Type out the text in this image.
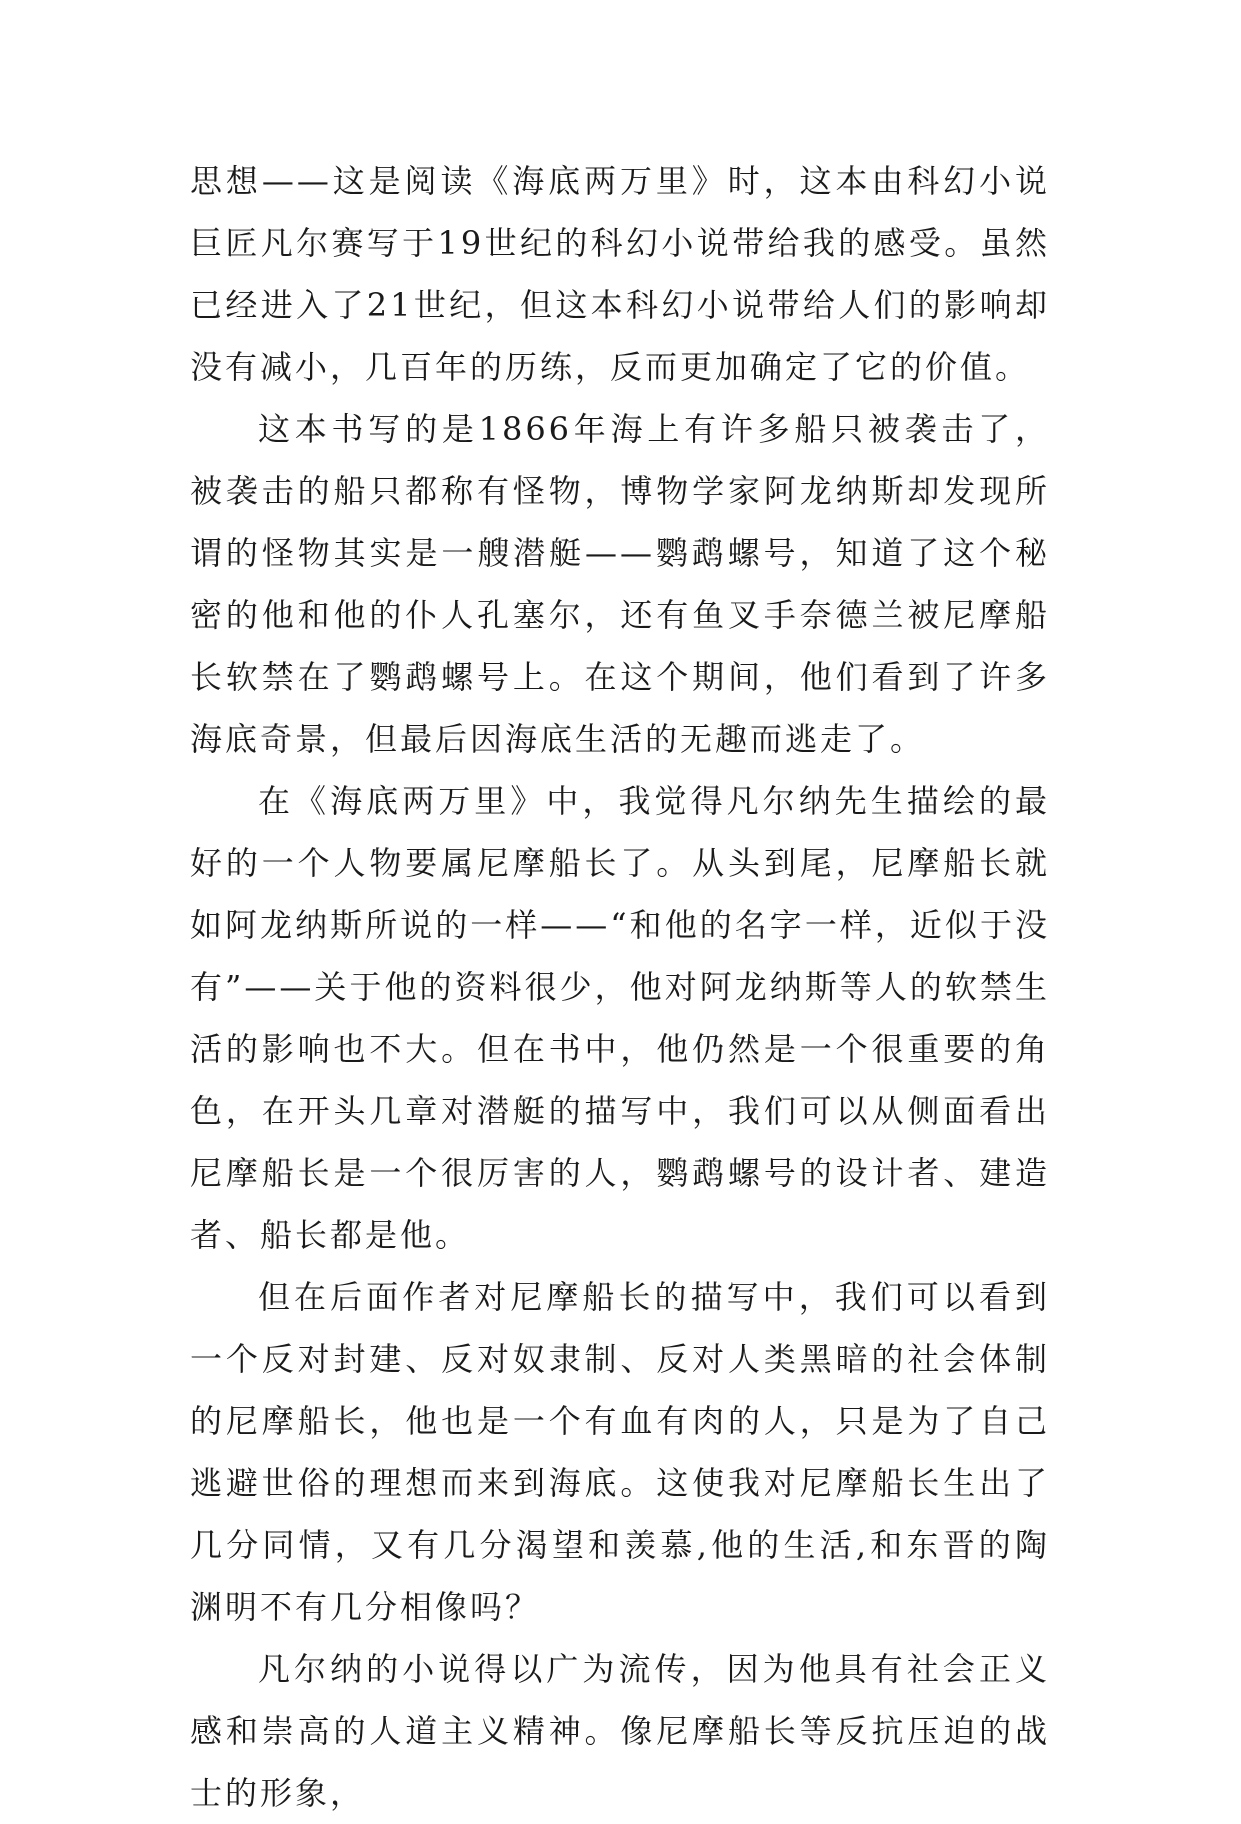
思想——这是阅读《海底两万里》时，这本由科幻小说巨匠凡尔赛写于19世纪的科幻小说带给我的感受。虽然已经进入了21世纪，但这本科幻小说带给人们的影响却没有减小，几百年的历练，反而更加确定了它的价值。

这本书写的是1866年海上有许多船只被袭击了，被袭击的船只都称有怪物，博物学家阿龙纳斯却发现所谓的怪物其实是一艘潜艇——鹦鹉螺号，知道了这个秘密的他和他的仆人孔塞尔，还有鱼叉手奈德兰被尼摩船长软禁在了鹦鹉螺号上。在这个期间，他们看到了许多海底奇景，但最后因海底生活的无趣而逃走了。

在《海底两万里》中，我觉得凡尔纳先生描绘的最好的一个人物要属尼摩船长了。从头到尾，尼摩船长就如阿龙纳斯所说的一样——“和他的名字一样，近似于没有”——关于他的资料很少，他对阿龙纳斯等人的软禁生活的影响也不大。但在书中，他仍然是一个很重要的角色，在开头几章对潜艇的描写中，我们可以从侧面看出尼摩船长是一个很厉害的人，鹦鹉螺号的设计者、建造者、船长都是他。

但在后面作者对尼摩船长的描写中，我们可以看到一个反对封建、反对奴隶制、反对人类黑暗的社会体制的尼摩船长，他也是一个有血有肉的人，只是为了自己逃避世俗的理想而来到海底。这使我对尼摩船长生出了几分同情，又有几分渴望和羡慕,他的生活,和东晋的陶渊明不有几分相像吗？

凡尔纳的小说得以广为流传，因为他具有社会正义感和崇高的人道主义精神。像尼摩船长等反抗压迫的战士的形象，
